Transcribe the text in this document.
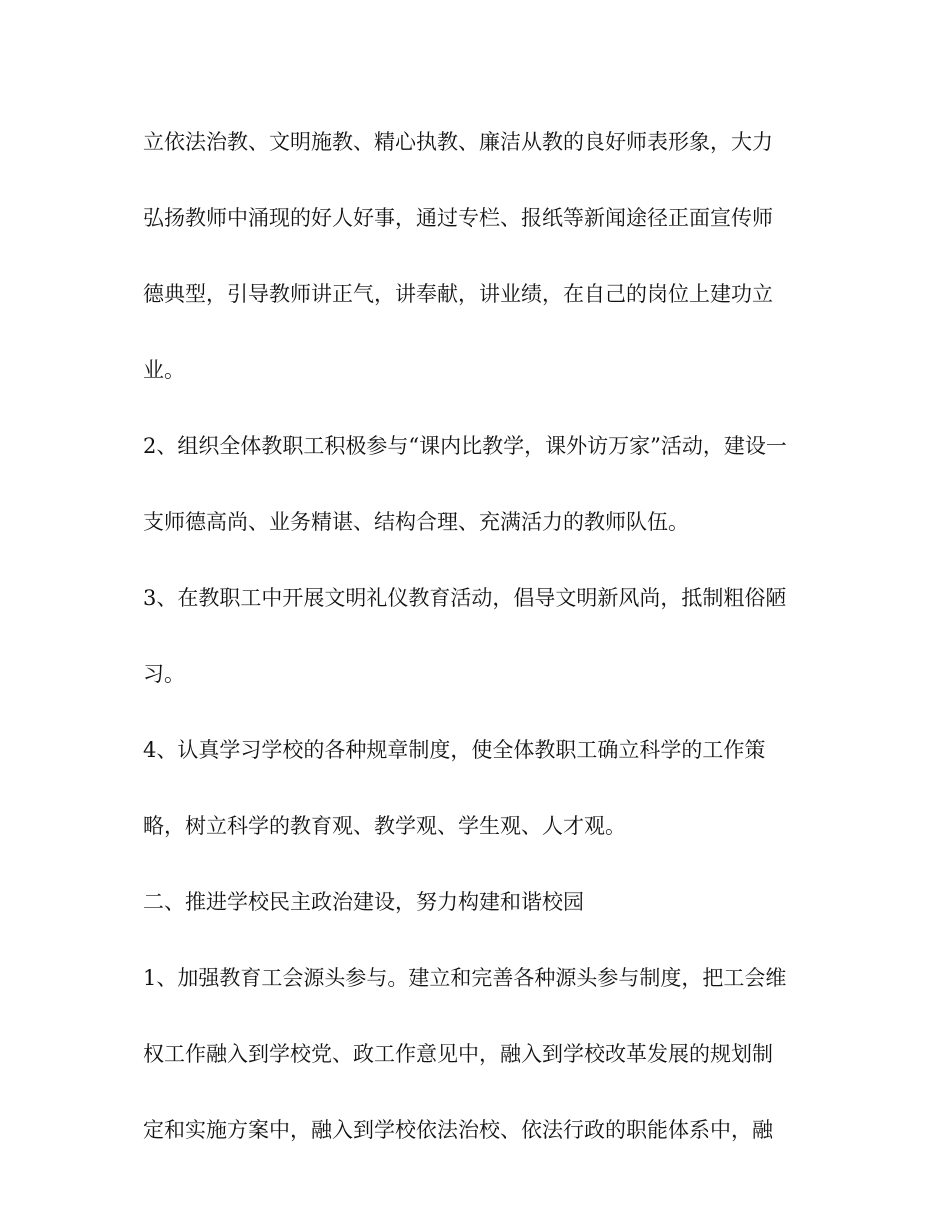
立依法治教、文明施教、精心执教、廉洁从教的良好师表形象，大力
弘扬教师中涌现的好人好事，通过专栏、报纸等新闻途径正面宣传师
德典型，引导教师讲正气，讲奉献，讲业绩，在自己的岗位上建功立
业。
2、组织全体教职工积极参与“课内比教学，课外访万家”活动，建设一
支师德高尚、业务精谌、结构合理、充满活力的教师队伍。
3、在教职工中开展文明礼仪教育活动，倡导文明新风尚，抵制粗俗陋
习。
4、认真学习学校的各种规章制度，使全体教职工确立科学的工作策
略，树立科学的教育观、教学观、学生观、人才观。
二、推进学校民主政治建设，努力构建和谐校园
1、加强教育工会源头参与。建立和完善各种源头参与制度，把工会维
权工作融入到学校党、政工作意见中，融入到学校改革发展的规划制
定和实施方案中，融入到学校依法治校、依法行政的职能体系中，融
